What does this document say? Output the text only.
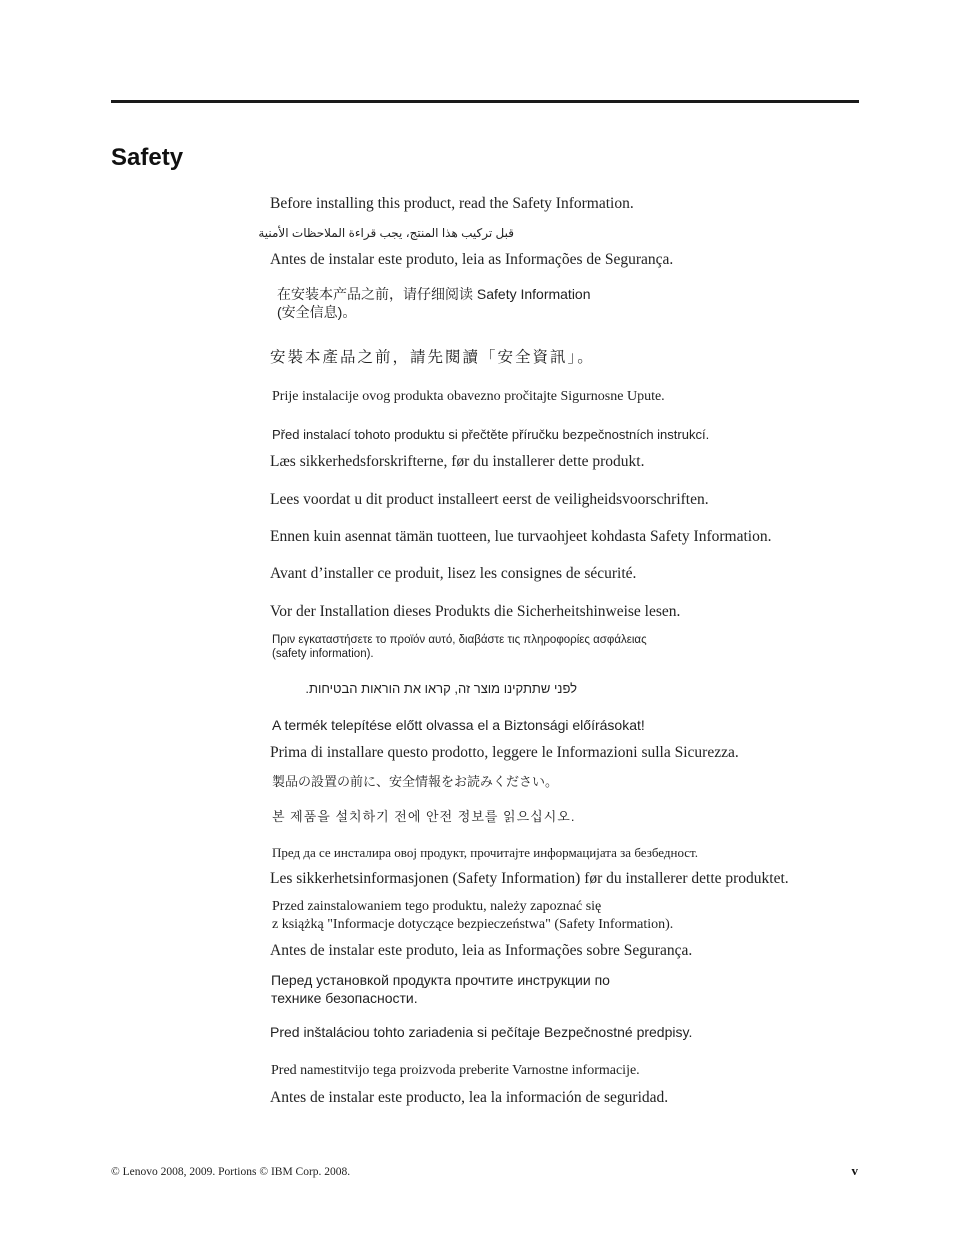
Safety
Before installing this product, read the Safety Information.
قبل تركيب هذا المنتج، يجب قراءة الملاحظات الأمنية
Antes de instalar este produto, leia as Informações de Segurança.
在安装本产品之前，请仔细阅读 Safety Information
(安全信息)。
安裝本產品之前，請先閱讀「安全資訊」。
Prije instalacije ovog produkta obavezno pročitajte Sigurnosne Upute.
Před instalací tohoto produktu si přečtěte příručku bezpečnostních instrukcí.
Læs sikkerhedsforskrifterne, før du installerer dette produkt.
Lees voordat u dit product installeert eerst de veiligheidsvoorschriften.
Ennen kuin asennat tämän tuotteen, lue turvaohjeet kohdasta Safety Information.
Avant d’installer ce produit, lisez les consignes de sécurité.
Vor der Installation dieses Produkts die Sicherheitshinweise lesen.
Πριν εγκαταστήσετε το προϊόν αυτό, διαβάστε τις πληροφορίες ασφάλειας
(safety information).
לפני שתתקינו מוצר זה, קראו את הוראות הבטיחות.
A termék telepítése előtt olvassa el a Biztonsági előírásokat!
Prima di installare questo prodotto, leggere le Informazioni sulla Sicurezza.
製品の設置の前に、安全情報をお読みください。
본 제품을 설치하기 전에 안전 정보를 읽으십시오.
Пред да се инсталира овој продукт, прочитајте информацијата за безбедност.
Les sikkerhetsinformasjonen (Safety Information) før du installerer dette produktet.
Przed zainstalowaniem tego produktu, należy zapoznać się
z książką "Informacje dotyczące bezpieczeństwa" (Safety Information).
Antes de instalar este produto, leia as Informações sobre Segurança.
Перед установкой продукта прочтите инструкции по
технике безопасности.
Pred inštaláciou tohto zariadenia si pečítaje Bezpečnostné predpisy.
Pred namestitvijo tega proizvoda preberite Varnostne informacije.
Antes de instalar este producto, lea la información de seguridad.
© Lenovo 2008, 2009. Portions © IBM Corp. 2008.	v
